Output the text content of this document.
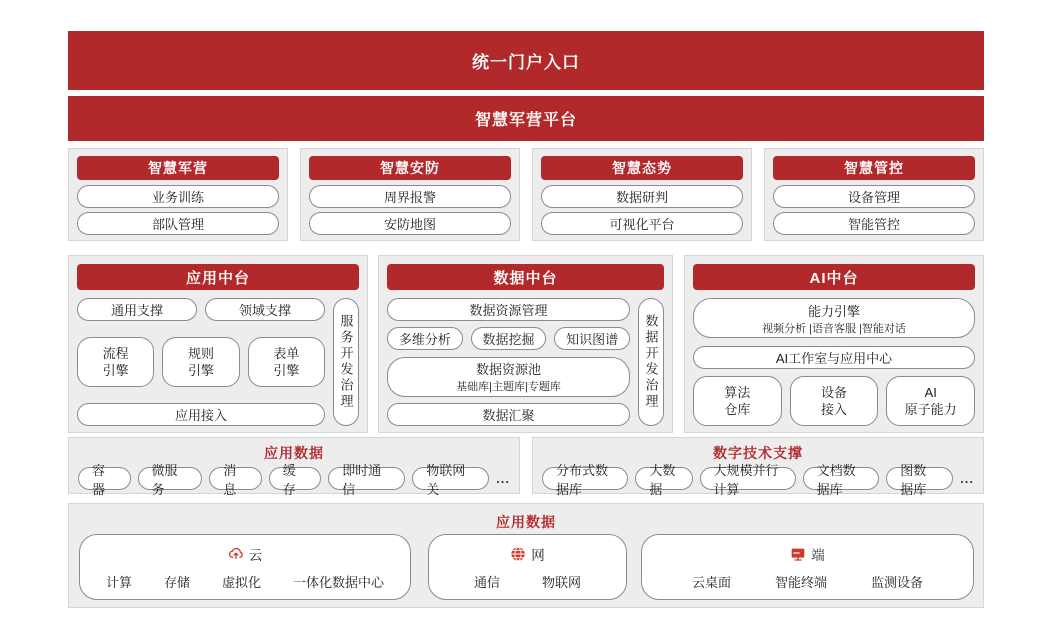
统一门户入口
智慧军营平台
智慧军营
业务训练
部队管理
智慧安防
周界报警
安防地图
智慧态势
数据研判
可视化平台
智慧管控
设备管理
智能管控
应用中台
通用支撑	领域支撑
流程
引擎
规则
引擎
表单
引擎
应用接入
服务开发治理
数据中台
数据资源管理
多维分析	数据挖掘	知识图谱
数据资源池
基础库|主题库|专题库
数据汇聚
数据开发治理
AI中台
能力引擎
视频分析 |语音客服 |智能对话
AI工作室与应用中心
算法
仓库
设备
接入
AI
原子能力
应用数据
容器
微服务
消息
缓存
即时通信
物联网关
...
数字技术支撑
分布式数据库
大数据
大规模并行计算
文档数据库
图数据库
...
应用数据
云
计算 存储 虚拟化 一体化数据中心
网
通信	物联网
端
云桌面	智能终端	监测设备
